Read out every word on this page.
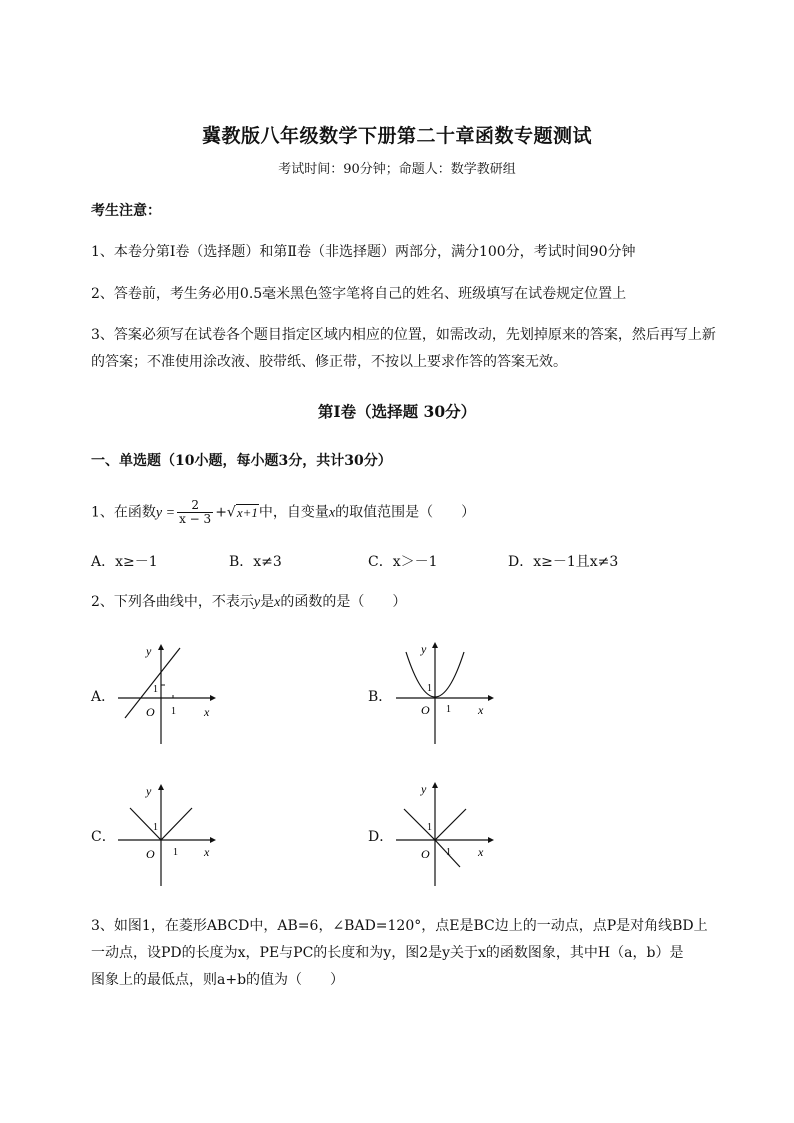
冀教版八年级数学下册第二十章函数专题测试
考试时间：90分钟；命题人：数学教研组
考生注意：
1、本卷分第I卷（选择题）和第Ⅱ卷（非选择题）两部分，满分100分，考试时间90分钟
2、答卷前，考生务必用0.5毫米黑色签字笔将自己的姓名、班级填写在试卷规定位置上
3、答案必须写在试卷各个题目指定区域内相应的位置，如需改动，先划掉原来的答案，然后再写上新
的答案；不准使用涂改液、胶带纸、修正带，不按以上要求作答的答案无效。
第I卷（选择题 30分）
一、单选题（10小题，每小题3分，共计30分）
1、在函数$y = \frac{2}{x - 3} +√x+1$中，自变量x的取值范围是（　　）
A．x≥－1	B．x≠3	C．x＞－1	D．x≥－1且x≠3
2、下列各曲线中，不表示y是x的函数的是（　　）
A．	B．
C．	D．
y
x
O 1
1
y
x
O 1
1
y
x
O 1
1
y
x
O 1
1
3、如图1，在菱形ABCD中，AB=6，∠BAD=120°，点E是BC边上的一动点，点P是对角线BD上
一动点，设PD的长度为x，PE与PC的长度和为y，图2是y关于x的函数图象，其中H（a，b）是
图象上的最低点，则a+b的值为（　　）
